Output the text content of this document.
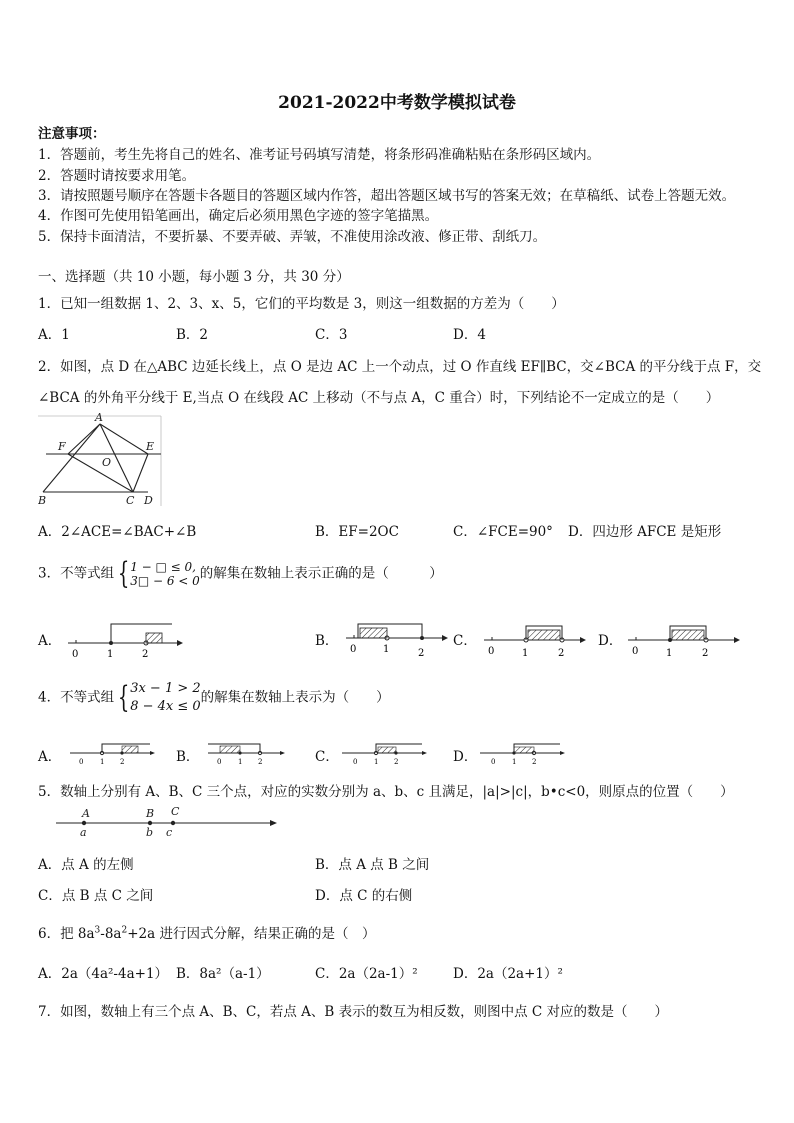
2021-2022中考数学模拟试卷
注意事项：
1．答题前，考生先将自己的姓名、准考证号码填写清楚，将条形码准确粘贴在条形码区域内。
2．答题时请按要求用笔。
3．请按照题号顺序在答题卡各题目的答题区域内作答，超出答题区域书写的答案无效；在草稿纸、试卷上答题无效。
4．作图可先使用铅笔画出，确定后必须用黑色字迹的签字笔描黑。
5．保持卡面清洁，不要折暴、不要弄破、弄皱，不准使用涂改液、修正带、刮纸刀。
一、选择题（共 10 小题，每小题 3 分，共 30 分）
1．已知一组数据 1、2、3、x、5，它们的平均数是 3，则这一组数据的方差为（　　）
A．1	B．2	C．3	D．4
2．如图，点 D 在△ABC 边延长线上，点 O 是边 AC 上一个动点，过 O 作直线 EF∥BC，交∠BCA 的平分线于点 F，交
∠BCA 的外角平分线于 E,当点 O 在线段 AC 上移动（不与点 A，C 重合）时，下列结论不一定成立的是（　　）
A
F	E
O
B	C D
A．2∠ACE=∠BAC+∠B	B．EF=2OC	C．∠FCE=90° D．四边形 AFCE 是矩形
3．不等式组 { 1 − □ ≤ 0,
3□ − 6 < 0 的解集在数轴上表示正确的是（　　　）
A．
0	1	2
B．
0	1	2
C．
0	1	2
D．
0	1	2
4．不等式组 { 3x − 1 > 2
8 − 4x ≤ 0
的解集在数轴上表示为（　　）
A．	0 1 2	B．	0 1 2	C． 0 1 2	D． 0 1 2
5．数轴上分别有 A、B、C 三个点，对应的实数分别为 a、b、c 且满足，|a|>|c|，b•c<0，则原点的位置（　　）
A	B C
a	b c
A．点 A 的左侧	B．点 A 点 B 之间
C．点 B 点 C 之间	D．点 C 的右侧
6．把 $8a^3-8a^2+2a$ 进行因式分解，结果正确的是（　）
A．2a（4a²-4a+1） B．8a²（a-1）	C．2a（2a-1）²	D．2a（2a+1）²
7．如图，数轴上有三个点 A、B、C，若点 A、B 表示的数互为相反数，则图中点 C 对应的数是（　　）
